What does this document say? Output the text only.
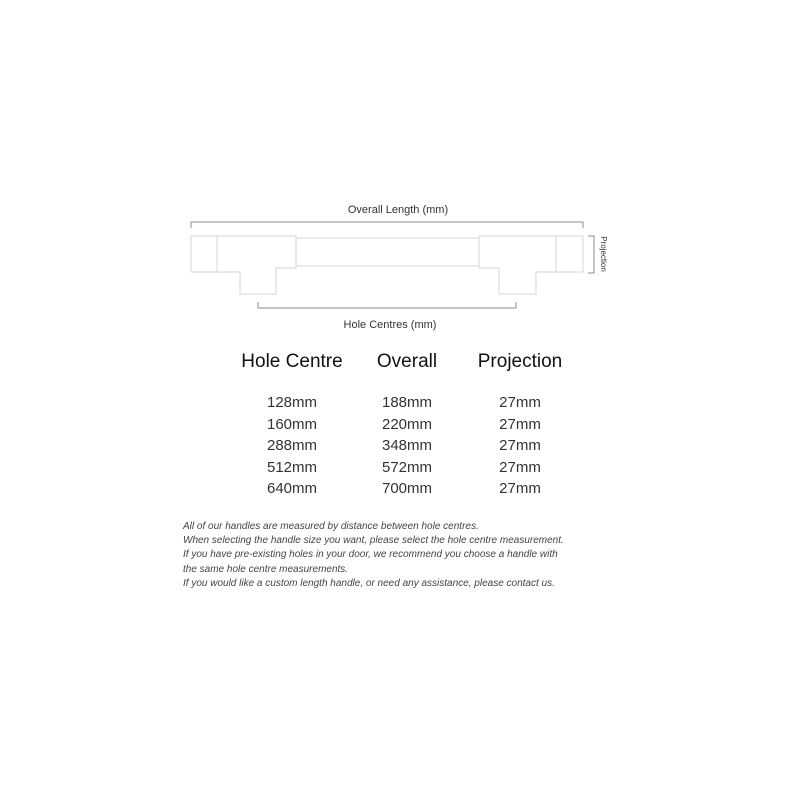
Overall Length (mm)
Projection
Hole Centres (mm)
Hole Centre	Overall	Projection
128mm	188mm	27mm
160mm	220mm	27mm
288mm	348mm	27mm
512mm	572mm	27mm
640mm	700mm	27mm

All of our handles are measured by distance between hole centres.

When selecting the handle size you want, please select the hole centre measurement.

If you have pre-existing holes in your door, we recommend you choose a handle with

the same hole centre measurements.

If you would like a custom length handle, or need any assistance, please contact us.
